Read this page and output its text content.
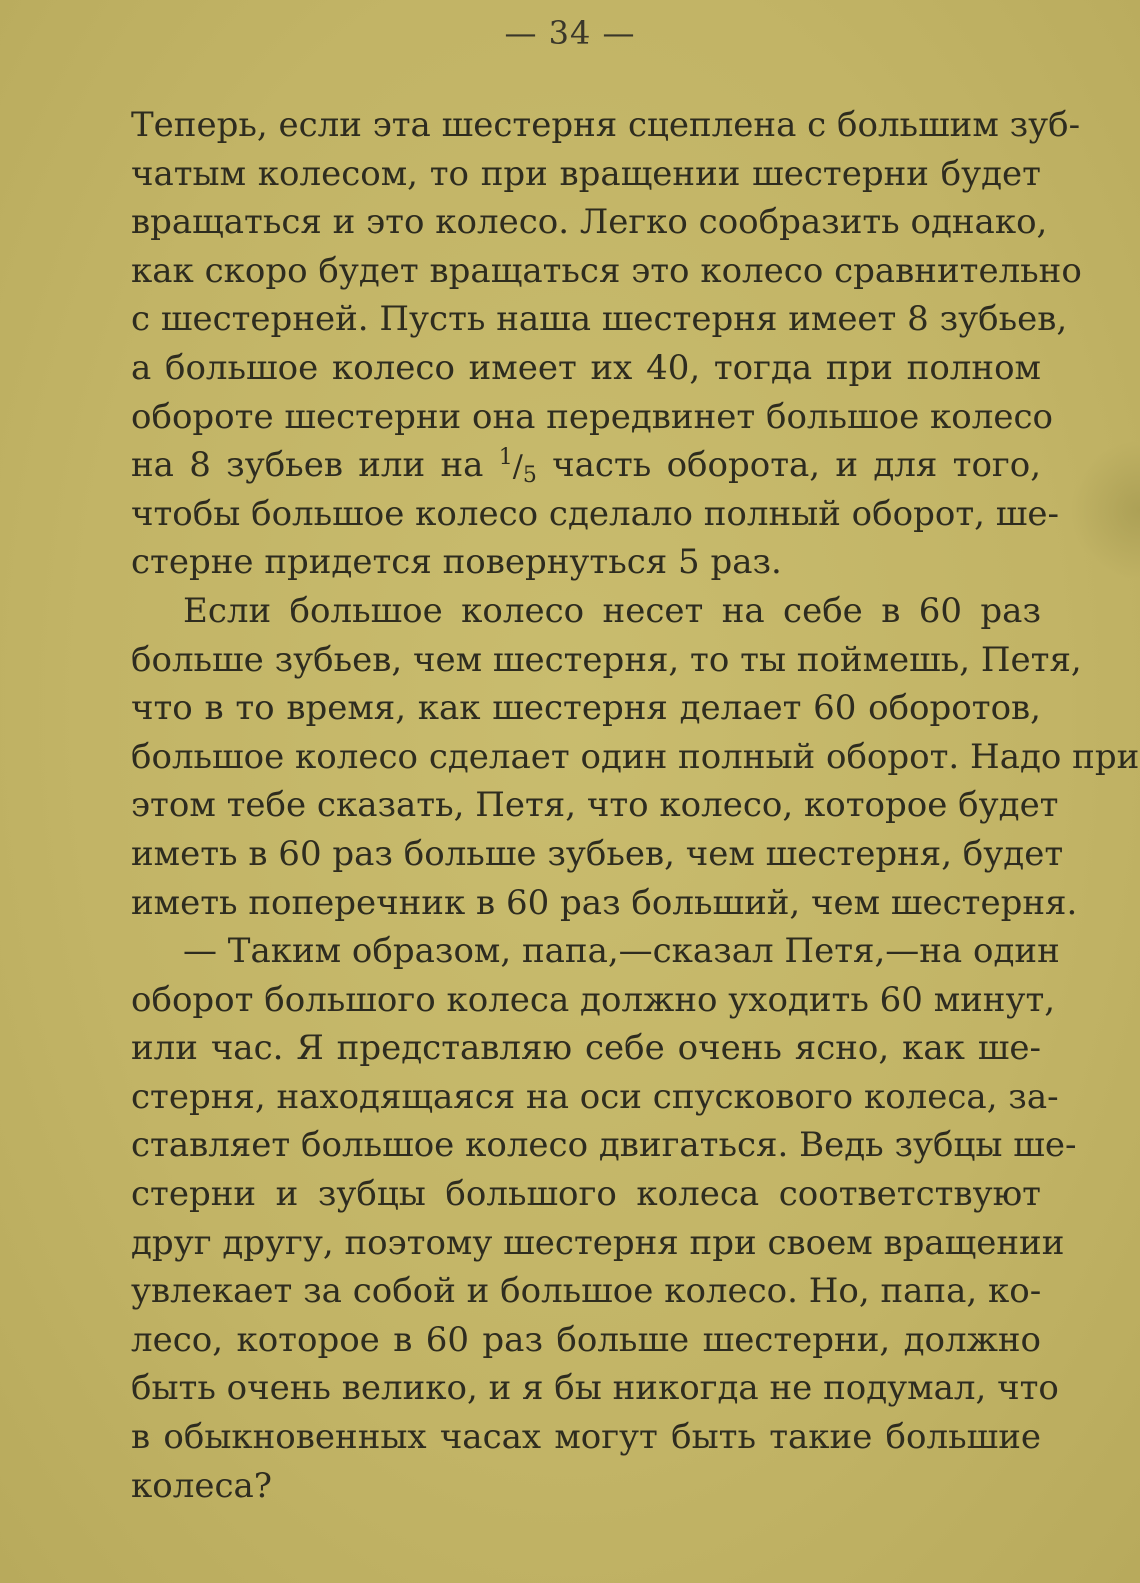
— 34 —
Теперь, если эта шестерня сцеплена с большим зуб-
чатым колесом, то при вращении шестерни будет
вращаться и это колесо. Легко сообразить однако,
как скоро будет вращаться это колесо сравнительно
с шестерней. Пусть наша шестерня имеет 8 зубьев,
а большое колесо имеет их 40, тогда при полном
обороте шестерни она передвинет большое колесо
на 8 зубьев или на 1/5 часть оборота, и для того,
чтобы большое колесо сделало полный оборот, ше-
стерне придется повернуться 5 раз.
Если большое колесо несет на себе в 60 раз
больше зубьев, чем шестерня, то ты поймешь, Петя,
что в то время, как шестерня делает 60 оборотов,
большое колесо сделает один полный оборот. Надо при
этом тебе сказать, Петя, что колесо, которое будет
иметь в 60 раз больше зубьев, чем шестерня, будет
иметь поперечник в 60 раз больший, чем шестерня.
— Таким образом, папа,—сказал Петя,—на один
оборот большого колеса должно уходить 60 минут,
или час. Я представляю себе очень ясно, как ше-
стерня, находящаяся на оси спускового колеса, за-
ставляет большое колесо двигаться. Ведь зубцы ше-
стерни и зубцы большого колеса соответствуют
друг другу, поэтому шестерня при своем вращении
увлекает за собой и большое колесо. Но, папа, ко-
лесо, которое в 60 раз больше шестерни, должно
быть очень велико, и я бы никогда не подумал, что
в обыкновенных часах могут быть такие большие
колеса?
